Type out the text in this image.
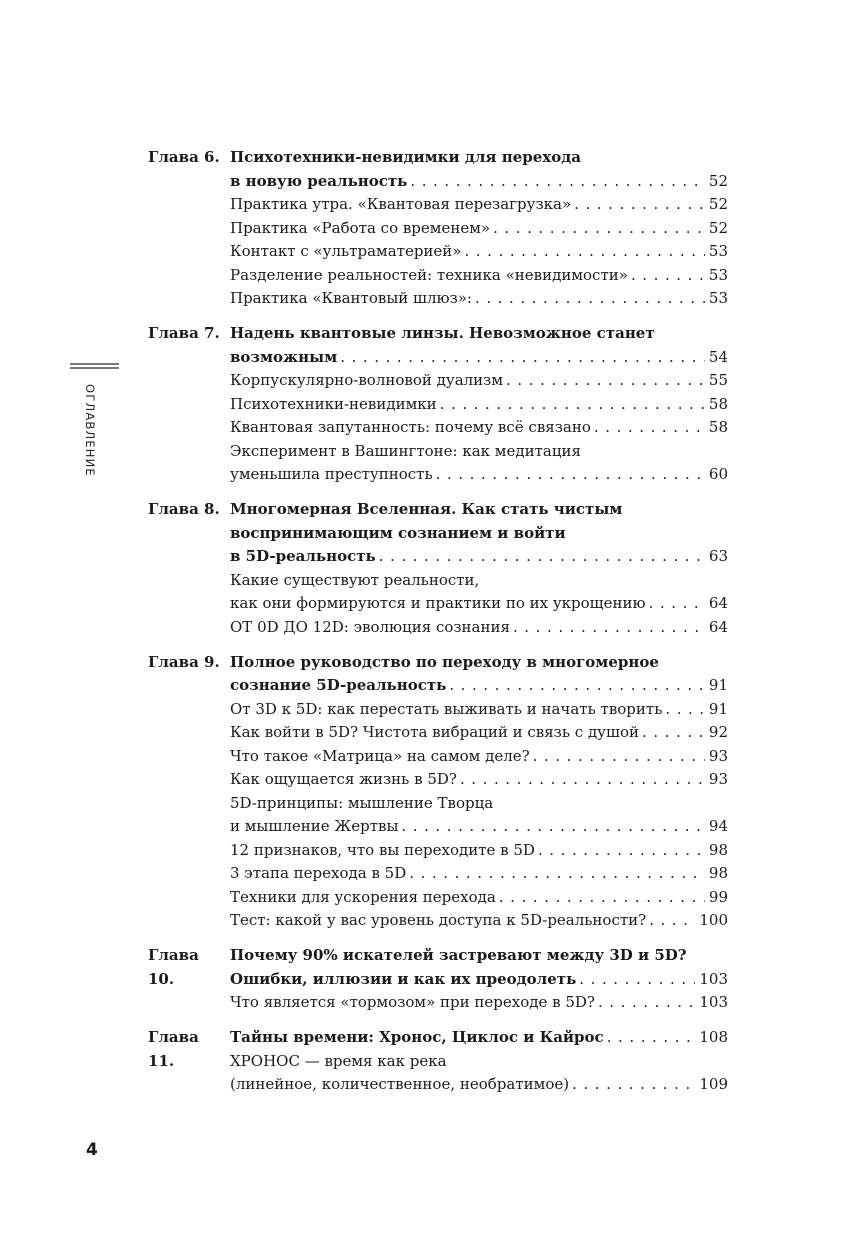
ОГЛАВЛЕНИЕ
Глава 6. Психотехники-невидимки для перехода
в новую реальность . . .	52
Практика утра. «Квантовая перезагрузка» . . .	52
Практика «Работа со временем» . . .	52
Контакт с «ультраматерией» . . .	53
Разделение реальностей: техника «невидимости» . . .	53
Практика «Квантовый шлюз»: . . .	53
Глава 7. Надень квантовые линзы. Невозможное станет
возможным . . .	54
Корпускулярно-волновой дуализм . . .	55
Психотехники-невидимки . . .	58
Квантовая запутанность: почему всё связано . . .	58
Эксперимент в Вашингтоне: как медитация
уменьшила преступность . . .	60
Глава 8. Многомерная Вселенная. Как стать чистым
воспринимающим сознанием и войти
в 5D-реальность . . .	63
Какие существуют реальности,
как они формируются и практики по их укрощению . . .	64
ОТ 0D ДО 12D: эволюция сознания . . .	64
Глава 9. Полное руководство по переходу в многомерное
сознание 5D-реальность . . .	91
От 3D к 5D: как перестать выживать и начать творить . . .	91
Как войти в 5D? Чистота вибраций и связь с душой . . .	92
Что такое «Матрица» на самом деле? . . .	93
Как ощущается жизнь в 5D? . . .	93
5D-принципы: мышление Творца
и мышление Жертвы . . .	94
12 признаков, что вы переходите в 5D . . .	98
3 этапа перехода в 5D . . .	98
Техники для ускорения перехода . . .	99
Тест: какой у вас уровень доступа к 5D-реальности? . . .	100
Глава 10.
Почему 90% искателей застревают между 3D и 5D?
Ошибки, иллюзии и как их преодолеть . . .	103
Что является «тормозом» при переходе в 5D? . . .	103
Глава 11.
Тайны времени: Хронос, Циклос и Кайрос . . .	108
ХРОНОС — время как река
(линейное, количественное, необратимое) . . .	109
4
